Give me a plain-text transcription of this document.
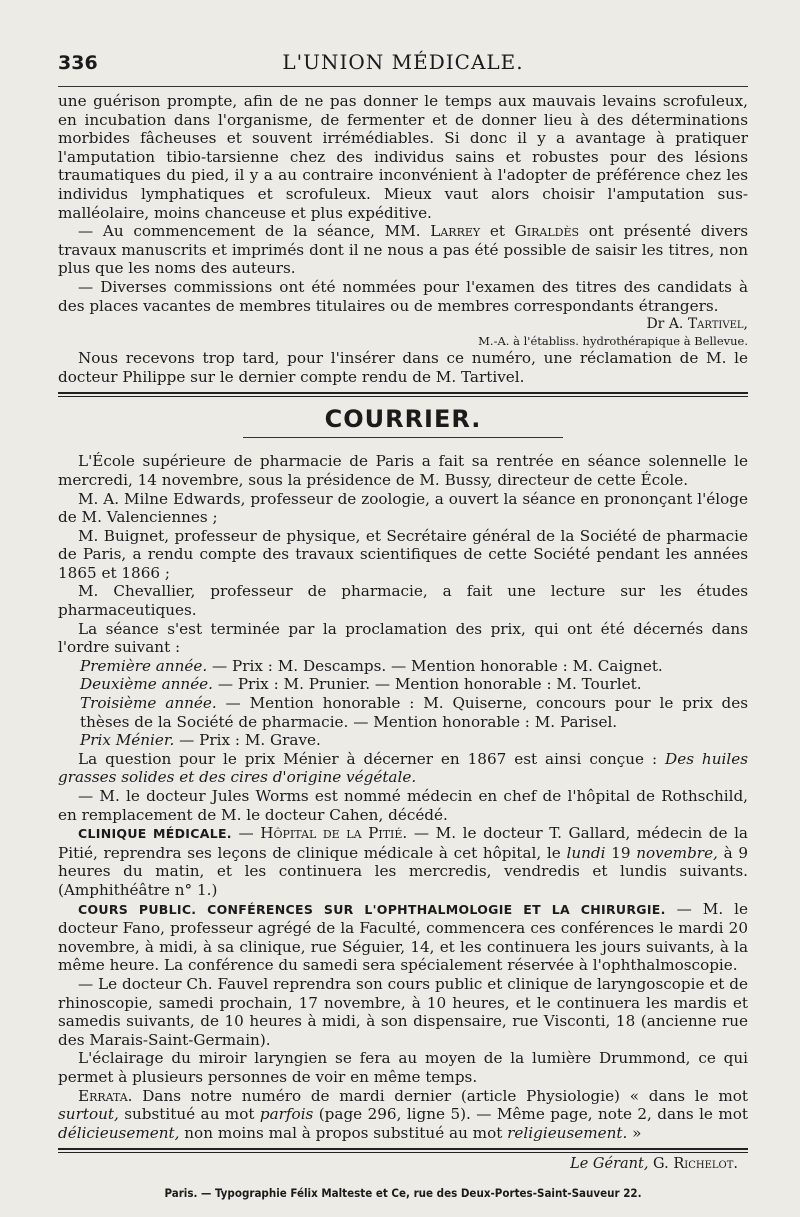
336	L'UNION MÉDICALE.

une guérison prompte, afin de ne pas donner le temps aux mauvais levains scrofuleux, en incubation dans l'organisme, de fermenter et de donner lieu à des déterminations morbides fâcheuses et souvent irrémédiables. Si donc il y a avantage à pratiquer l'amputation tibio-tarsienne chez des individus sains et robustes pour des lésions traumatiques du pied, il y a au contraire inconvénient à l'adopter de préférence chez les individus lymphatiques et scrofuleux. Mieux vaut alors choisir l'amputation sus-malléolaire, moins chanceuse et plus expéditive.

— Au commencement de la séance, MM. Larrey et Giraldès ont présenté divers travaux manuscrits et imprimés dont il ne nous a pas été possible de saisir les titres, non plus que les noms des auteurs.

— Diverses commissions ont été nommées pour l'examen des titres des candidats à des places vacantes de membres titulaires ou de membres correspondants étrangers.

Dr A. Tartivel,
M.-A. à l'établiss. hydrothérapique à Bellevue.

Nous recevons trop tard, pour l'insérer dans ce numéro, une réclamation de M. le docteur Philippe sur le dernier compte rendu de M. Tartivel.

COURRIER.

L'École supérieure de pharmacie de Paris a fait sa rentrée en séance solennelle le mercredi, 14 novembre, sous la présidence de M. Bussy, directeur de cette École.

M. A. Milne Edwards, professeur de zoologie, a ouvert la séance en prononçant l'éloge de M. Valenciennes ;

M. Buignet, professeur de physique, et Secrétaire général de la Société de pharmacie de Paris, a rendu compte des travaux scientifiques de cette Société pendant les années 1865 et 1866 ;

M. Chevallier, professeur de pharmacie, a fait une lecture sur les études pharmaceutiques.

La séance s'est terminée par la proclamation des prix, qui ont été décernés dans l'ordre suivant :

Première année. — Prix : M. Descamps. — Mention honorable : M. Caignet.

Deuxième année. — Prix : M. Prunier. — Mention honorable : M. Tourlet.

Troisième année. — Mention honorable : M. Quiserne, concours pour le prix des thèses de la Société de pharmacie. — Mention honorable : M. Parisel.

Prix Ménier. — Prix : M. Grave.

La question pour le prix Ménier à décerner en 1867 est ainsi conçue : Des huiles grasses solides et des cires d'origine végétale.

— M. le docteur Jules Worms est nommé médecin en chef de l'hôpital de Rothschild, en remplacement de M. le docteur Cahen, décédé.

CLINIQUE MÉDICALE. — Hôpital de la Pitié. — M. le docteur T. Gallard, médecin de la Pitié, reprendra ses leçons de clinique médicale à cet hôpital, le lundi 19 novembre, à 9 heures du matin, et les continuera les mercredis, vendredis et lundis suivants. (Amphithéâtre n° 1.)

COURS PUBLIC. CONFÉRENCES SUR L'OPHTHALMOLOGIE ET LA CHIRURGIE. — M. le docteur Fano, professeur agrégé de la Faculté, commencera ces conférences le mardi 20 novembre, à midi, à sa clinique, rue Séguier, 14, et les continuera les jours suivants, à la même heure. La conférence du samedi sera spécialement réservée à l'ophthalmoscopie.

— Le docteur Ch. Fauvel reprendra son cours public et clinique de laryngoscopie et de rhinoscopie, samedi prochain, 17 novembre, à 10 heures, et le continuera les mardis et samedis suivants, de 10 heures à midi, à son dispensaire, rue Visconti, 18 (ancienne rue des Marais-Saint-Germain).

L'éclairage du miroir laryngien se fera au moyen de la lumière Drummond, ce qui permet à plusieurs personnes de voir en même temps.

Errata. Dans notre numéro de mardi dernier (article Physiologie) « dans le mot surtout, substitué au mot parfois (page 296, ligne 5). — Même page, note 2, dans le mot délicieusement, non moins mal à propos substitué au mot religieusement. »

Le Gérant, G. Richelot.
Paris. — Typographie Félix Malteste et Ce, rue des Deux-Portes-Saint-Sauveur 22.
